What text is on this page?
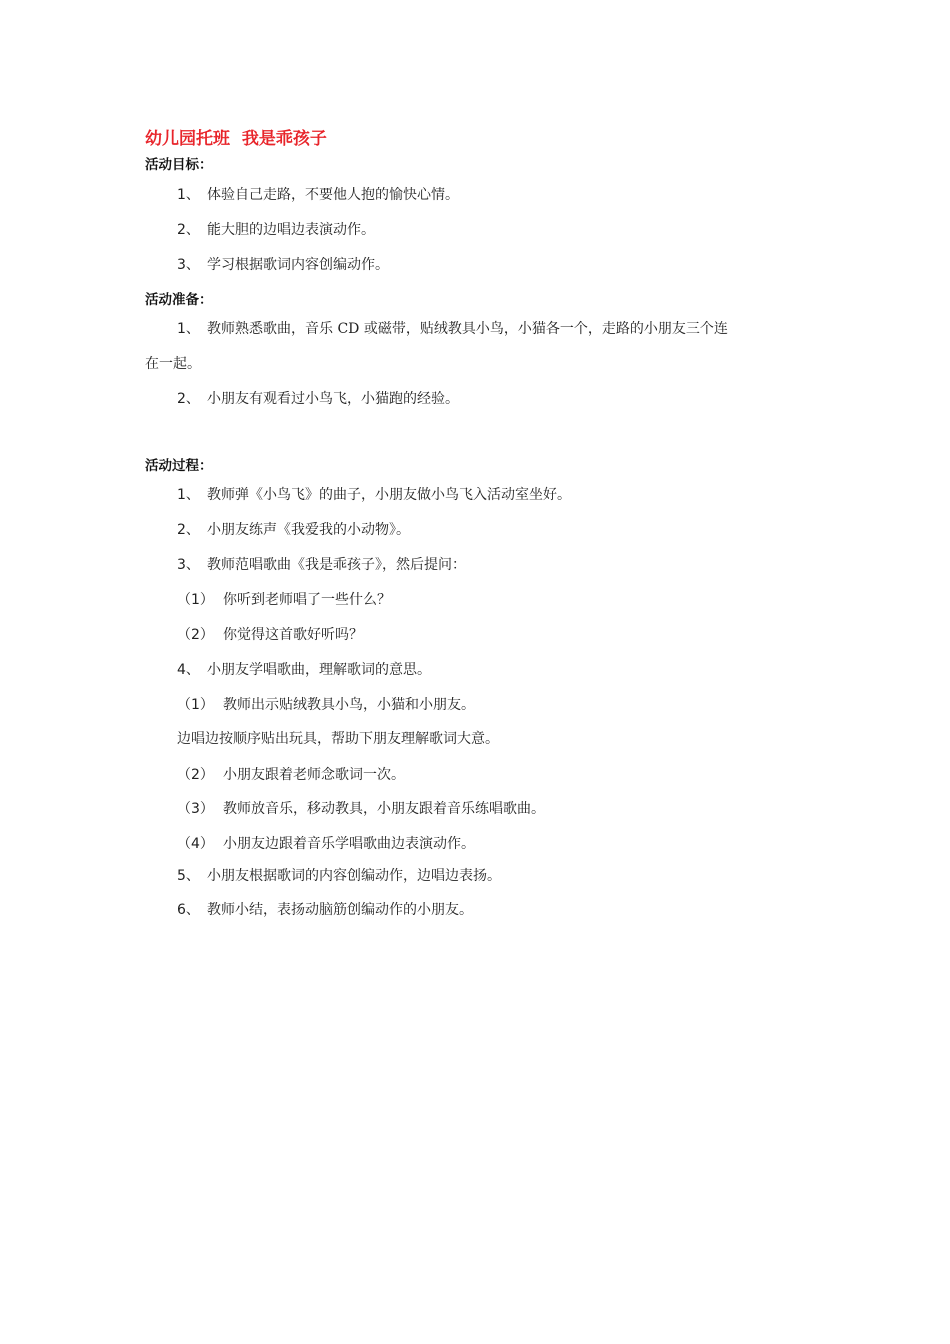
幼儿园托班  我是乖孩子
活动目标：
1、 体验自己走路，不要他人抱的愉快心情。
2、 能大胆的边唱边表演动作。
3、 学习根据歌词内容创编动作。
活动准备：
1、 教师熟悉歌曲，音乐 CD 或磁带，贴绒教具小鸟，小猫各一个，走路的小朋友三个连
在一起。
2、 小朋友有观看过小鸟飞，小猫跑的经验。
活动过程：
1、 教师弹《小鸟飞》的曲子，小朋友做小鸟飞入活动室坐好。
2、 小朋友练声《我爱我的小动物》。
3、 教师范唱歌曲《我是乖孩子》，然后提问：
（1） 你听到老师唱了一些什么？
（2） 你觉得这首歌好听吗？
4、 小朋友学唱歌曲，理解歌词的意思。
（1） 教师出示贴绒教具小鸟，小猫和小朋友。
边唱边按顺序贴出玩具，帮助下朋友理解歌词大意。
（2） 小朋友跟着老师念歌词一次。
（3） 教师放音乐，移动教具，小朋友跟着音乐练唱歌曲。
（4） 小朋友边跟着音乐学唱歌曲边表演动作。
5、 小朋友根据歌词的内容创编动作，边唱边表扬。
6、 教师小结，表扬动脑筋创编动作的小朋友。
